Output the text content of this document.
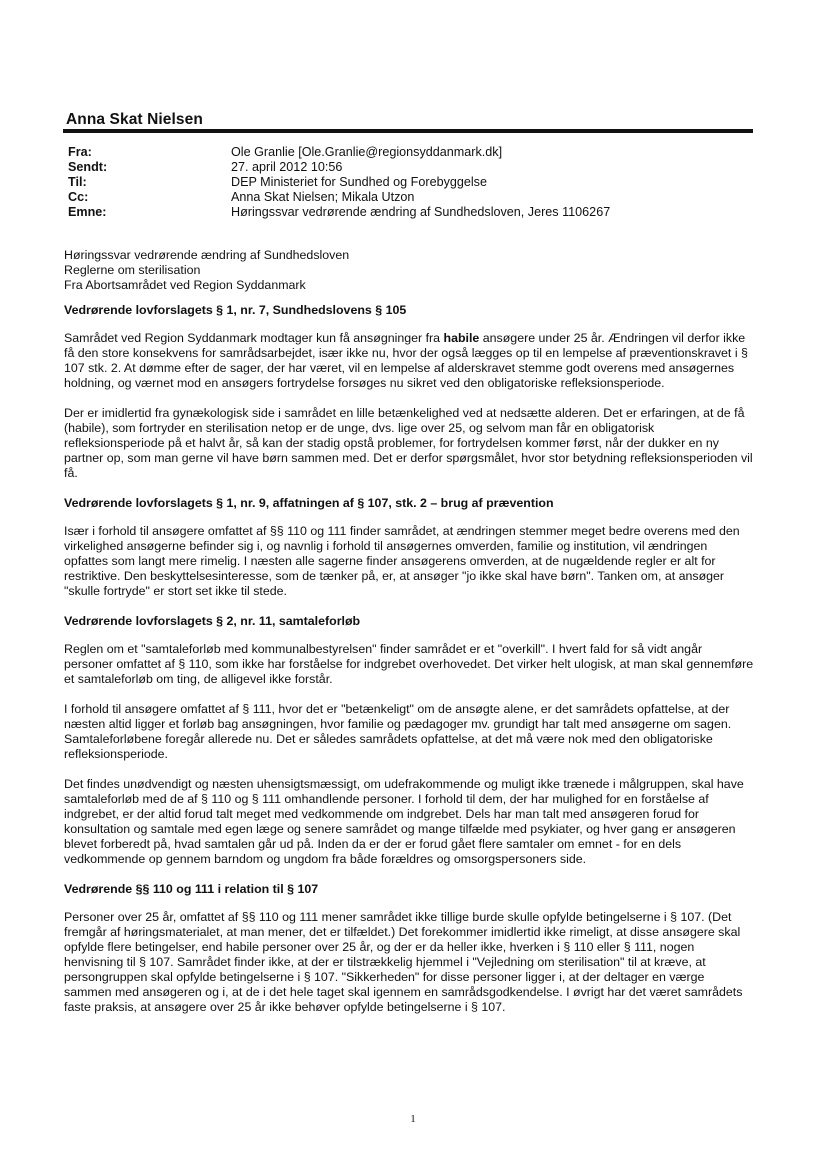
Anna Skat Nielsen
Fra:	Ole Granlie [Ole.Granlie@regionsyddanmark.dk]
Sendt:	27. april 2012 10:56
Til:	DEP Ministeriet for Sundhed og Forebyggelse
Cc:	Anna Skat Nielsen; Mikala Utzon
Emne:	Høringssvar vedrørende ændring af Sundhedsloven, Jeres 1106267
Høringssvar vedrørende ændring af Sundhedsloven
Reglerne om sterilisation
Fra Abortsamrådet ved Region Syddanmark
Vedrørende lovforslagets § 1, nr. 7, Sundhedslovens § 105

Samrådet ved Region Syddanmark modtager kun få ansøgninger fra habile ansøgere under 25 år. Ændringen vil derfor ikke få den store konsekvens for samrådsarbejdet, især ikke nu, hvor der også lægges op til en lempelse af præventionskravet i § 107 stk. 2. At dømme efter de sager, der har været, vil en lempelse af alderskravet stemme godt overens med ansøgernes holdning, og værnet mod en ansøgers fortrydelse forsøges nu sikret ved den obligatoriske refleksionsperiode.

Der er imidlertid fra gynækologisk side i samrådet en lille betænkelighed ved at nedsætte alderen. Det er erfaringen, at de få (habile), som fortryder en sterilisation netop er de unge, dvs. lige over 25, og selvom man får en obligatorisk refleksionsperiode på et halvt år, så kan der stadig opstå problemer, for fortrydelsen kommer først, når der dukker en ny partner op, som man gerne vil have børn sammen med. Det er derfor spørgsmålet, hvor stor betydning refleksionsperioden vil få.

Vedrørende lovforslagets § 1, nr. 9, affatningen af § 107, stk. 2 – brug af prævention

Især i forhold til ansøgere omfattet af §§ 110 og 111 finder samrådet, at ændringen stemmer meget bedre overens med den virkelighed ansøgerne befinder sig i, og navnlig i forhold til ansøgernes omverden, familie og institution, vil ændringen opfattes som langt mere rimelig. I næsten alle sagerne finder ansøgerens omverden, at de nugældende regler er alt for restriktive. Den beskyttelsesinteresse, som de tænker på, er, at ansøger "jo ikke skal have børn". Tanken om, at ansøger "skulle fortryde" er stort set ikke til stede.

Vedrørende lovforslagets § 2, nr. 11, samtaleforløb

Reglen om et "samtaleforløb med kommunalbestyrelsen" finder samrådet er et "overkill". I hvert fald for så vidt angår personer omfattet af § 110, som ikke har forståelse for indgrebet overhovedet. Det virker helt ulogisk, at man skal gennemføre et samtaleforløb om ting, de alligevel ikke forstår.

I forhold til ansøgere omfattet af § 111, hvor det er "betænkeligt" om de ansøgte alene, er det samrådets opfattelse, at der næsten altid ligger et forløb bag ansøgningen, hvor familie og pædagoger mv. grundigt har talt med ansøgerne om sagen. Samtaleforløbene foregår allerede nu. Det er således samrådets opfattelse, at det må være nok med den obligatoriske refleksionsperiode.

Det findes unødvendigt og næsten uhensigtsmæssigt, om udefrakommende og muligt ikke trænede i målgruppen, skal have samtaleforløb med de af § 110 og § 111 omhandlende personer. I forhold til dem, der har mulighed for en forståelse af indgrebet, er der altid forud talt meget med vedkommende om indgrebet. Dels har man talt med ansøgeren forud for konsultation og samtale med egen læge og senere samrådet og mange tilfælde med psykiater, og hver gang er ansøgeren blevet forberedt på, hvad samtalen går ud på. Inden da er der er forud gået flere samtaler om emnet - for en dels vedkommende op gennem barndom og ungdom fra både forældres og omsorgspersoners side.

Vedrørende §§ 110 og 111 i relation til § 107

Personer over 25 år, omfattet af §§ 110 og 111 mener samrådet ikke tillige burde skulle opfylde betingelserne i § 107. (Det fremgår af høringsmaterialet, at man mener, det er tilfældet.) Det forekommer imidlertid ikke rimeligt, at disse ansøgere skal opfylde flere betingelser, end habile personer over 25 år, og der er da heller ikke, hverken i § 110 eller § 111, nogen henvisning til § 107. Samrådet finder ikke, at der er tilstrækkelig hjemmel i "Vejledning om sterilisation" til at kræve, at persongruppen skal opfylde betingelserne i § 107. "Sikkerheden" for disse personer ligger i, at der deltager en værge sammen med ansøgeren og i, at de i det hele taget skal igennem en samrådsgodkendelse. I øvrigt har det været samrådets faste praksis, at ansøgere over 25 år ikke behøver opfylde betingelserne i § 107.

1
